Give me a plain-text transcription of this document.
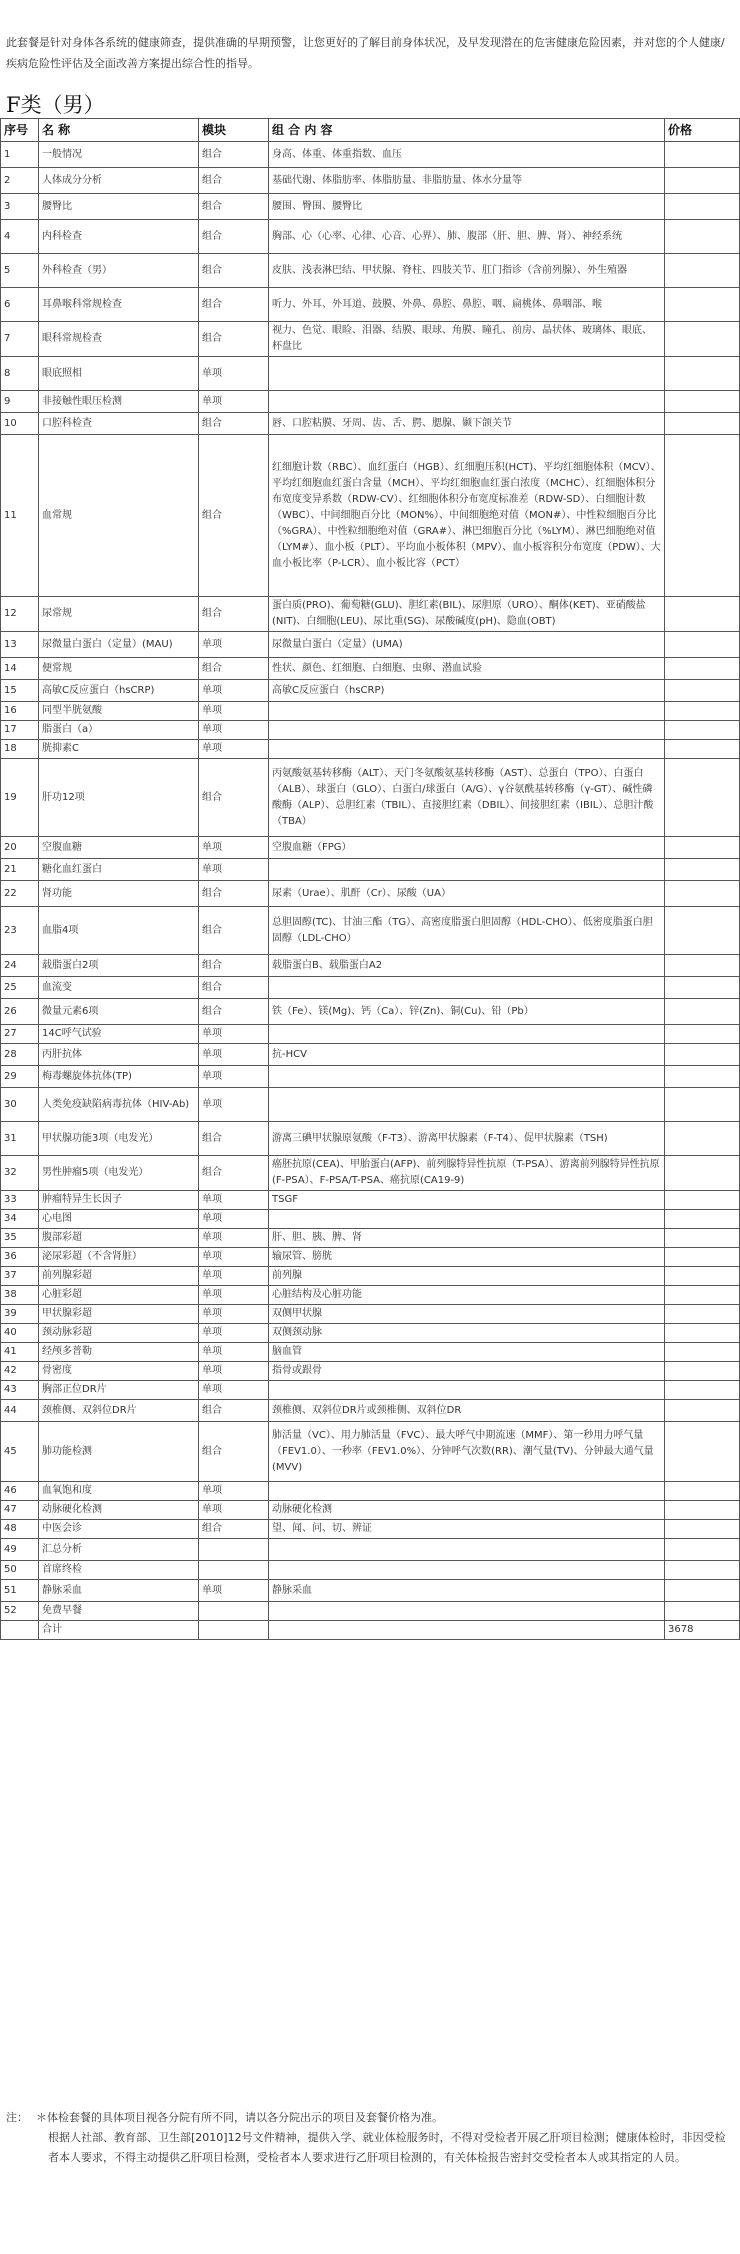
此套餐是针对身体各系统的健康筛查，提供准确的早期预警，让您更好的了解目前身体状况，及早发现潜在的危害健康危险因素，并对您的个人健康/疾病危险性评估及全面改善方案提出综合性的指导。
F类（男）
序号	名 称	模块	组 合 内 容	价格
1	一般情况	组合	身高、体重、体重指数、血压	
2	人体成分分析	组合	基础代谢、体脂肪率、体脂肪量、非脂肪量、体水分量等	
3	腰臀比	组合	腰围、臀围、腰臀比	
4	内科检查	组合	胸部、心（心率、心律、心音、心界）、肺、腹部（肝、胆、脾、肾）、神经系统	
5	外科检查（男）	组合	皮肤、浅表淋巴结、甲状腺、脊柱、四肢关节、肛门指诊（含前列腺）、外生殖器	
6	耳鼻喉科常规检查	组合	听力、外耳、外耳道、鼓膜、外鼻、鼻腔、鼻腔、咽、扁桃体、鼻咽部、喉	
7	眼科常规检查	组合	视力、色觉、眼睑、泪器、结膜、眼球、角膜、瞳孔、前房、晶状体、玻璃体、眼底、杯盘比	
8	眼底照相	单项		
9	非接触性眼压检测	单项		
10	口腔科检查	组合	唇、口腔粘膜、牙周、齿、舌、腭、腮腺、颞下颌关节	
11	血常规	组合	红细胞计数（RBC）、血红蛋白（HGB）、红细胞压积(HCT)、平均红细胞体积（MCV）、平均红细胞血红蛋白含量（MCH）、平均红细胞血红蛋白浓度（MCHC）、红细胞体积分布宽度变异系数（RDW-CV）、红细胞体积分布宽度标准差（RDW-SD）、白细胞计数（WBC）、中间细胞百分比（MON%）、中间细胞绝对值（MON#）、中性粒细胞百分比（%GRA）、中性粒细胞绝对值（GRA#）、淋巴细胞百分比（%LYM）、淋巴细胞绝对值（LYM#）、血小板（PLT）、平均血小板体积（MPV）、血小板容积分布宽度（PDW）、大血小板比率（P-LCR）、血小板比容（PCT）	
12	尿常规	组合	蛋白质(PRO)、葡萄糖(GLU)、胆红素(BIL)、尿胆原（URO）、酮体(KET)、亚硝酸盐(NIT)、白细胞(LEU)、尿比重(SG)、尿酸碱度(pH)、隐血(OBT)	
13	尿微量白蛋白（定量）(MAU)	单项	尿微量白蛋白（定量）(UMA)	
14	便常规	组合	性状、颜色、红细胞、白细胞、虫卵、潜血试验	
15	高敏C反应蛋白（hsCRP)	单项	高敏C反应蛋白（hsCRP)	
16	同型半胱氨酸	单项		
17	脂蛋白（a）	单项		
18	胱抑素C	单项		
19	肝功12项	组合	丙氨酸氨基转移酶（ALT）、天门冬氨酸氨基转移酶（AST）、总蛋白（TPO）、白蛋白（ALB）、球蛋白（GLO）、白蛋白/球蛋白（A/G）、γ谷氨酰基转移酶（γ-GT）、碱性磷酸酶（ALP）、总胆红素（TBIL）、直接胆红素（DBIL）、间接胆红素（IBIL）、总胆汁酸（TBA）	
20	空腹血糖	单项	空腹血糖（FPG）	
21	糖化血红蛋白	单项		
22	肾功能	组合	尿素（Urae）、肌酐（Cr）、尿酸（UA）	
23	血脂4项	组合	总胆固醇(TC)、甘油三酯（TG）、高密度脂蛋白胆固醇（HDL-CHO）、低密度脂蛋白胆固醇（LDL-CHO）	
24	载脂蛋白2项	组合	载脂蛋白B、载脂蛋白A2	
25	血流变	组合		
26	微量元素6项	组合	铁（Fe）、镁(Mg)、钙（Ca）、锌(Zn)、铜(Cu)、铅（Pb）	
27	14C呼气试验	单项		
28	丙肝抗体	单项	抗-HCV	
29	梅毒螺旋体抗体(TP)	单项		
30	人类免疫缺陷病毒抗体（HIV-Ab)	单项		
31	甲状腺功能3项（电发光）	组合	游离三碘甲状腺原氨酸（F-T3）、游离甲状腺素（F-T4）、促甲状腺素（TSH)	
32	男性肿瘤5项（电发光）	组合	癌胚抗原(CEA)、甲胎蛋白(AFP)、前列腺特异性抗原（T-PSA）、游离前列腺特异性抗原(F-PSA）、F-PSA/T-PSA、癌抗原(CA19-9)	
33	肿瘤特异生长因子	单项	TSGF	
34	心电图	单项		
35	腹部彩超	单项	肝、胆、胰、脾、肾	
36	泌尿彩超（不含肾脏）	单项	输尿管、膀胱	
37	前列腺彩超	单项	前列腺	
38	心脏彩超	单项	心脏结构及心脏功能	
39	甲状腺彩超	单项	双侧甲状腺	
40	颈动脉彩超	单项	双侧颈动脉	
41	经颅多普勒	单项	脑血管	
42	骨密度	单项	指骨或跟骨	
43	胸部正位DR片	单项		
44	颈椎侧、双斜位DR片	组合	颈椎侧、双斜位DR片或颈椎侧、双斜位DR	
45	肺功能检测	组合	肺活量（VC）、用力肺活量（FVC）、最大呼气中期流速（MMF）、第一秒用力呼气量（FEV1.0）、一秒率（FEV1.0%）、分钟呼气次数(RR)、潮气量(TV)、分钟最大通气量(MVV)	
46	血氧饱和度	单项		
47	动脉硬化检测	单项	动脉硬化检测	
48	中医会诊	组合	望、闻、问、切、辨证	
49	汇总分析			
50	首席终检			
51	静脉采血	单项	静脉采血	
52	免费早餐			
	合计			3678

注： ＊体检套餐的具体项目视各分院有所不同，请以各分院出示的项目及套餐价格为准。

根据人社部、教育部、卫生部[2010]12号文件精神，提供入学、就业体检服务时，不得对受检者开展乙肝项目检测；健康体检时，非因受检者本人要求，不得主动提供乙肝项目检测，受检者本人要求进行乙肝项目检测的，有关体检报告密封交受检者本人或其指定的人员。
